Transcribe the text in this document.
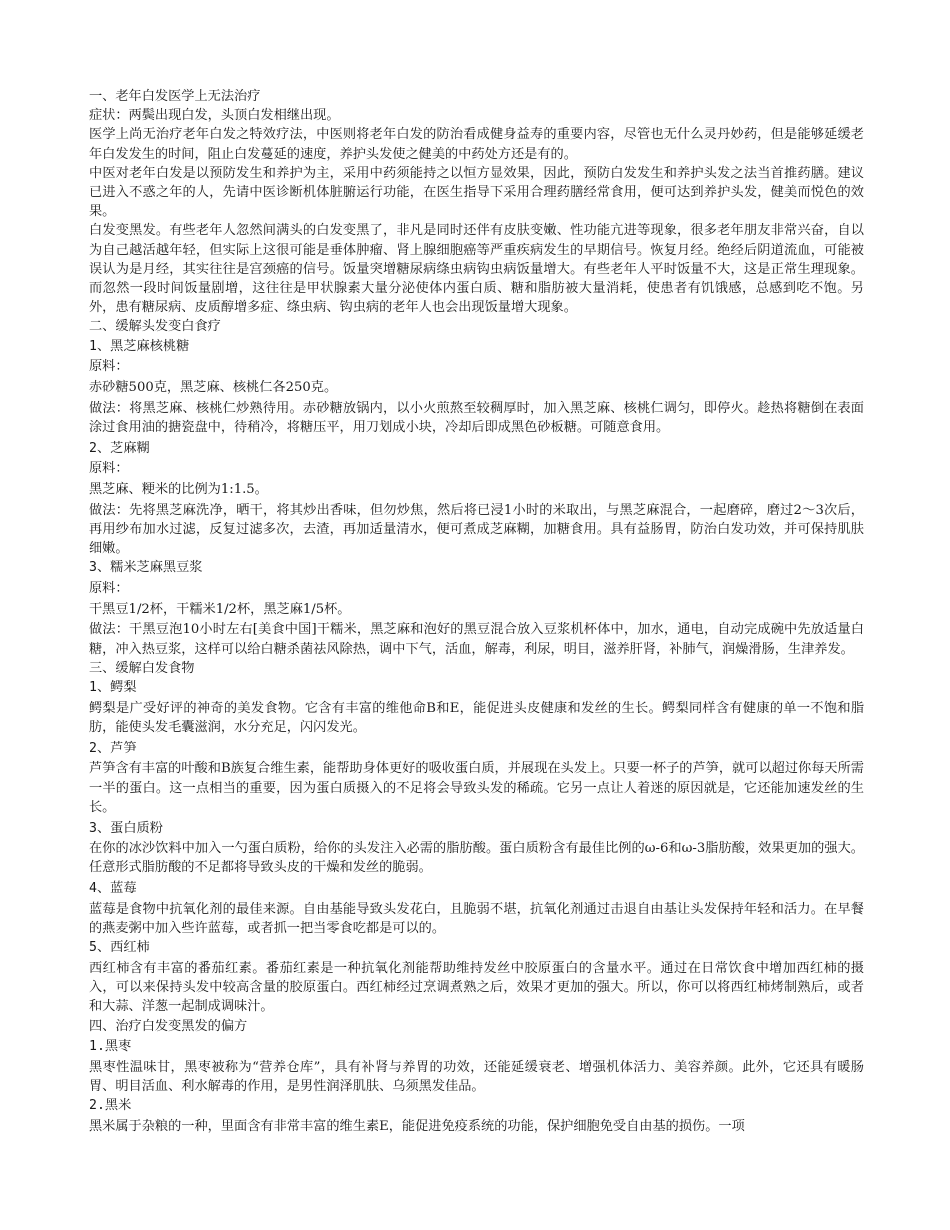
一、老年白发医学上无法治疗

症状：两鬓出现白发，头顶白发相继出现。

医学上尚无治疗老年白发之特效疗法，中医则将老年白发的防治看成健身益寿的重要内容，尽管也无什么灵丹妙药，但是能够延缓老年白发发生的时间，阻止白发蔓延的速度，养护头发使之健美的中药处方还是有的。

中医对老年白发是以预防发生和养护为主，采用中药须能持之以恒方显效果，因此，预防白发发生和养护头发之法当首推药膳。建议已进入不惑之年的人，先请中医诊断机体脏腑运行功能，在医生指导下采用合理药膳经常食用，便可达到养护头发，健美而悦色的效果。

白发变黑发。有些老年人忽然间满头的白发变黑了，非凡是同时还伴有皮肤变嫩、性功能亢进等现象，很多老年朋友非常兴奋，自以为自己越活越年轻，但实际上这很可能是垂体肿瘤、肾上腺细胞癌等严重疾病发生的早期信号。恢复月经。绝经后阴道流血，可能被误认为是月经，其实往往是宫颈癌的信号。饭量突增糖尿病绦虫病钩虫病饭量增大。有些老年人平时饭量不大，这是正常生理现象。而忽然一段时间饭量剧增，这往往是甲状腺素大量分泌使体内蛋白质、糖和脂肪被大量消耗，使患者有饥饿感，总感到吃不饱。另外，患有糖尿病、皮质醇增多症、绦虫病、钩虫病的老年人也会出现饭量增大现象。

二、缓解头发变白食疗

1、黑芝麻核桃糖

原料：

赤砂糖500克，黑芝麻、核桃仁各250克。

做法：将黑芝麻、核桃仁炒熟待用。赤砂糖放锅内，以小火煎熬至较稠厚时，加入黑芝麻、核桃仁调匀，即停火。趁热将糖倒在表面涂过食用油的搪瓷盘中，待稍冷，将糖压平，用刀划成小块，冷却后即成黑色砂板糖。可随意食用。

2、芝麻糊

原料：

黑芝麻、粳米的比例为1:1.5。

做法：先将黑芝麻洗净，晒干，将其炒出香味，但勿炒焦，然后将已浸1小时的米取出，与黑芝麻混合，一起磨碎，磨过2～3次后，再用纱布加水过滤，反复过滤多次，去渣，再加适量清水，便可煮成芝麻糊，加糖食用。具有益肠胃，防治白发功效，并可保持肌肤细嫩。

3、糯米芝麻黑豆浆

原料：

干黑豆1/2杯，干糯米1/2杯，黑芝麻1/5杯。

做法：干黑豆泡10小时左右[美食中国]干糯米，黑芝麻和泡好的黑豆混合放入豆浆机杯体中，加水，通电，自动完成碗中先放适量白糖，冲入热豆浆，这样可以给白糖杀菌祛风除热，调中下气，活血，解毒，利尿，明目，滋养肝肾，补肺气，润燥滑肠，生津养发。

三、缓解白发食物

1、鳄梨

鳄梨是广受好评的神奇的美发食物。它含有丰富的维他命B和E，能促进头皮健康和发丝的生长。鳄梨同样含有健康的单一不饱和脂肪，能使头发毛囊滋润，水分充足，闪闪发光。

2、芦笋

芦笋含有丰富的叶酸和B族复合维生素，能帮助身体更好的吸收蛋白质，并展现在头发上。只要一杯子的芦笋，就可以超过你每天所需一半的蛋白。这一点相当的重要，因为蛋白质摄入的不足将会导致头发的稀疏。它另一点让人着迷的原因就是，它还能加速发丝的生长。

3、蛋白质粉

在你的冰沙饮料中加入一勺蛋白质粉，给你的头发注入必需的脂肪酸。蛋白质粉含有最佳比例的ω-6和ω-3脂肪酸，效果更加的强大。任意形式脂肪酸的不足都将导致头皮的干燥和发丝的脆弱。

4、蓝莓

蓝莓是食物中抗氧化剂的最佳来源。自由基能导致头发花白，且脆弱不堪，抗氧化剂通过击退自由基让头发保持年轻和活力。在早餐的燕麦粥中加入些许蓝莓，或者抓一把当零食吃都是可以的。

5、西红柿

西红柿含有丰富的番茄红素。番茄红素是一种抗氧化剂能帮助维持发丝中胶原蛋白的含量水平。通过在日常饮食中增加西红柿的摄入，可以来保持头发中较高含量的胶原蛋白。西红柿经过烹调煮熟之后，效果才更加的强大。所以，你可以将西红柿烤制熟后，或者和大蒜、洋葱一起制成调味汁。

四、治疗白发变黑发的偏方

1.黑枣

黑枣性温味甘，黑枣被称为“营养仓库”，具有补肾与养胃的功效，还能延缓衰老、增强机体活力、美容养颜。此外，它还具有暖肠胃、明目活血、利水解毒的作用，是男性润泽肌肤、乌须黑发佳品。

2.黑米

黑米属于杂粮的一种，里面含有非常丰富的维生素E，能促进免疫系统的功能，保护细胞免受自由基的损伤。一项
